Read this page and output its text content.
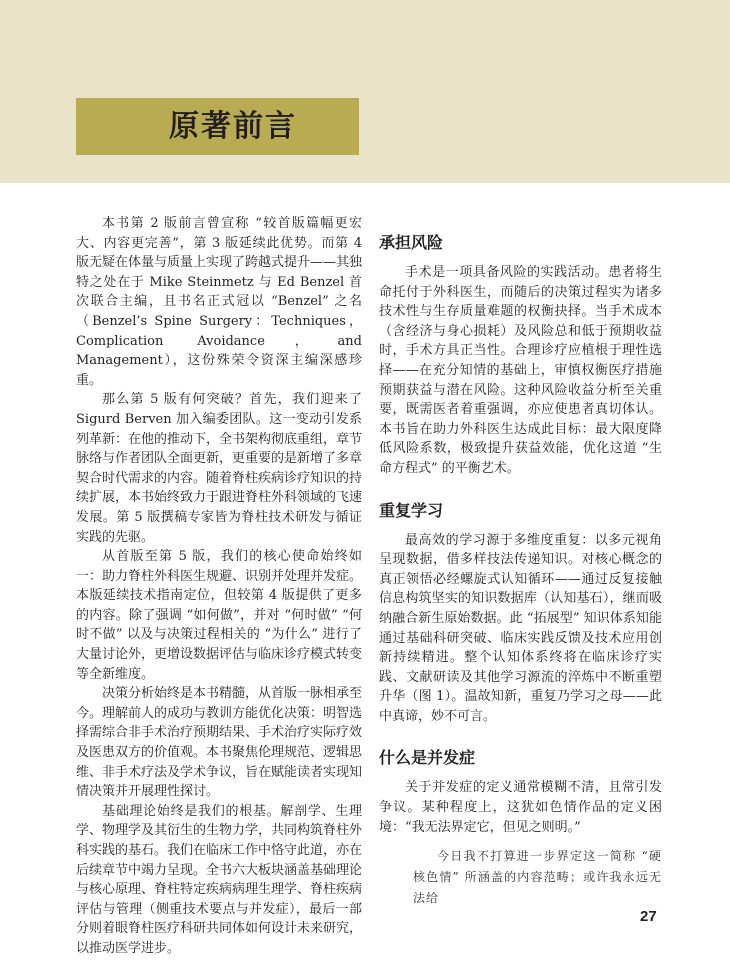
原著前言

本书第 2 版前言曾宣称 “较首版篇幅更宏大、内容更完善”，第 3 版延续此优势。而第 4 版无疑在体量与质量上实现了跨越式提升——其独特之处在于 Mike Steinmetz 与 Ed Benzel 首次联合主编，且书名正式冠以 “Benzel” 之名（Benzel’s Spine Surgery：Techniques，Complication Avoidance，and Management），这份殊荣令资深主编深感珍重。

那么第 5 版有何突破？首先，我们迎来了 Sigurd Berven 加入编委团队。这一变动引发系列革新：在他的推动下，全书架构彻底重组，章节脉络与作者团队全面更新，更重要的是新增了多章契合时代需求的内容。随着脊柱疾病诊疗知识的持续扩展，本书始终致力于跟进脊柱外科领域的飞速发展。第 5 版撰稿专家皆为脊柱技术研发与循证实践的先驱。

从首版至第 5 版，我们的核心使命始终如一：助力脊柱外科医生规避、识别并处理并发症。本版延续技术指南定位，但较第 4 版提供了更多的内容。除了强调 “如何做”，并对 “何时做” “何时不做” 以及与决策过程相关的 “为什么” 进行了大量讨论外，更增设数据评估与临床诊疗模式转变等全新维度。

决策分析始终是本书精髓，从首版一脉相承至今。理解前人的成功与教训方能优化决策：明智选择需综合非手术治疗预期结果、手术治疗实际疗效及医患双方的价值观。本书聚焦伦理规范、逻辑思维、非手术疗法及学术争议，旨在赋能读者实现知情决策并开展理性探讨。

基础理论始终是我们的根基。解剖学、生理学、物理学及其衍生的生物力学，共同构筑脊柱外科实践的基石。我们在临床工作中恪守此道，亦在后续章节中竭力呈现。全书六大板块涵盖基础理论与核心原理、脊柱特定疾病病理生理学、脊柱疾病评估与管理（侧重技术要点与并发症），最后一部分则着眼脊柱医疗科研共同体如何设计未来研究，以推动医学进步。

承担风险

手术是一项具备风险的实践活动。患者将生命托付于外科医生，而随后的决策过程实为诸多技术性与生存质量难题的权衡抉择。当手术成本（含经济与身心损耗）及风险总和低于预期收益时，手术方具正当性。合理诊疗应植根于理性选择——在充分知情的基础上，审慎权衡医疗措施预期获益与潜在风险。这种风险收益分析至关重要，既需医者着重强调，亦应使患者真切体认。本书旨在助力外科医生达成此目标：最大限度降低风险系数，极致提升获益效能，优化这道 “生命方程式” 的平衡艺术。

重复学习

最高效的学习源于多维度重复：以多元视角呈现数据，借多样技法传递知识。对核心概念的真正领悟必经螺旋式认知循环——通过反复接触信息构筑坚实的知识数据库（认知基石），继而吸纳融合新生原始数据。此 “拓展型” 知识体系知能通过基础科研突破、临床实践反馈及技术应用创新持续精进。整个认知体系终将在临床诊疗实践、文献研读及其他学习源流的淬炼中不断重塑升华（图 1）。温故知新，重复乃学习之母——此中真谛，妙不可言。

什么是并发症

关于并发症的定义通常模糊不清，且常引发争议。某种程度上，这犹如色情作品的定义困境：“我无法界定它，但见之则明。”

今日我不打算进一步界定这一简称 “硬核色情” 所涵盖的内容范畴；或许我永远无法给

27
